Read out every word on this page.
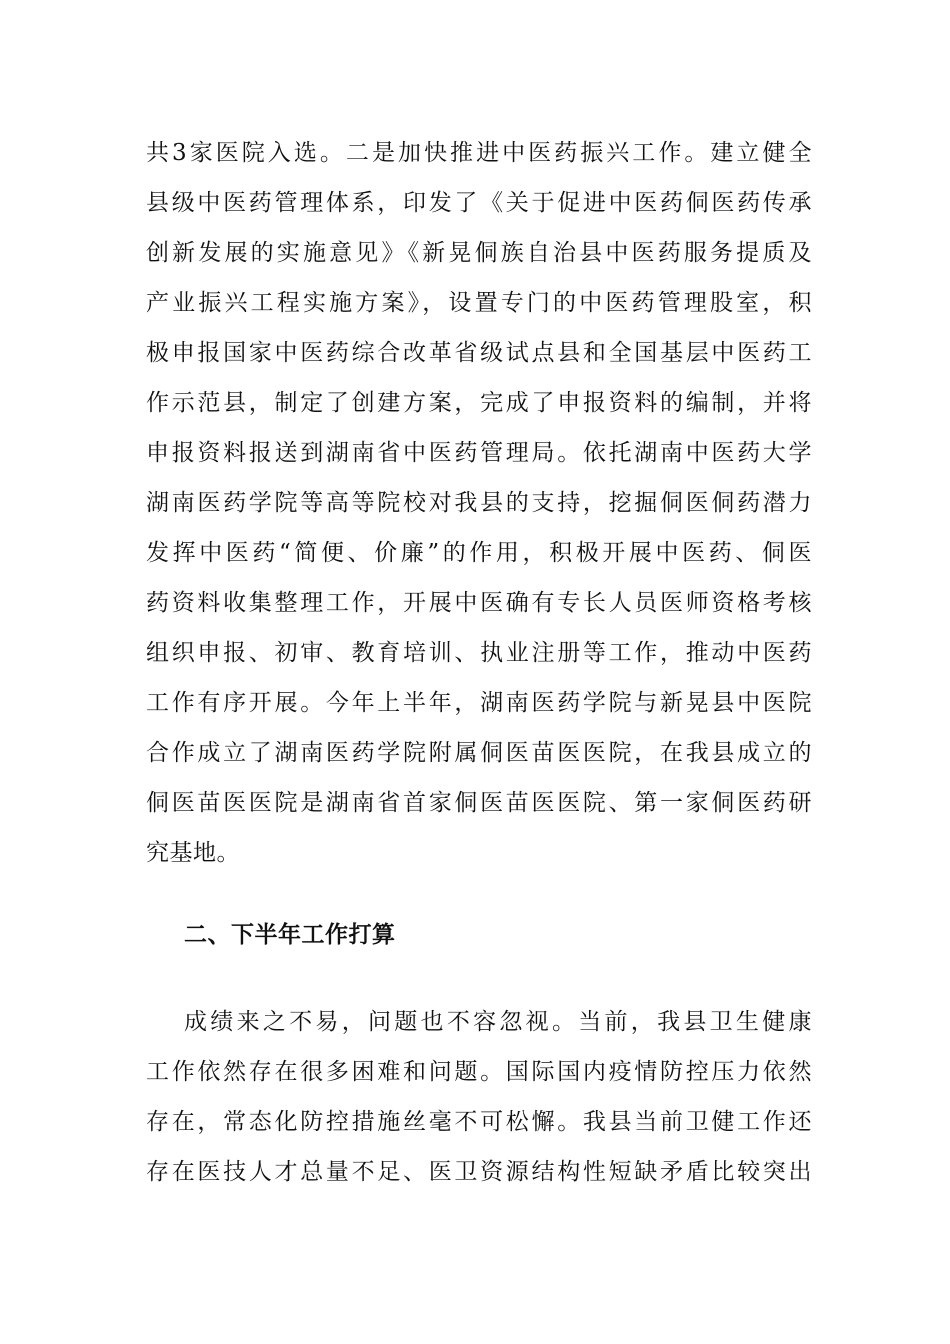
共3家医院入选。二是加快推进中医药振兴工作。建立健全
县级中医药管理体系，印发了《关于促进中医药侗医药传承
创新发展的实施意见》《新晃侗族自治县中医药服务提质及
产业振兴工程实施方案》，设置专门的中医药管理股室，积
极申报国家中医药综合改革省级试点县和全国基层中医药工
作示范县，制定了创建方案，完成了申报资料的编制，并将
申报资料报送到湖南省中医药管理局。依托湖南中医药大学
湖南医药学院等高等院校对我县的支持，挖掘侗医侗药潜力
发挥中医药“简便、价廉”的作用，积极开展中医药、侗医
药资料收集整理工作，开展中医确有专长人员医师资格考核
组织申报、初审、教育培训、执业注册等工作，推动中医药
工作有序开展。今年上半年，湖南医药学院与新晃县中医院
合作成立了湖南医药学院附属侗医苗医医院，在我县成立的
侗医苗医医院是湖南省首家侗医苗医医院、第一家侗医药研
究基地。
二、下半年工作打算
成绩来之不易，问题也不容忽视。当前，我县卫生健康
工作依然存在很多困难和问题。国际国内疫情防控压力依然
存在，常态化防控措施丝毫不可松懈。我县当前卫健工作还
存在医技人才总量不足、医卫资源结构性短缺矛盾比较突出
